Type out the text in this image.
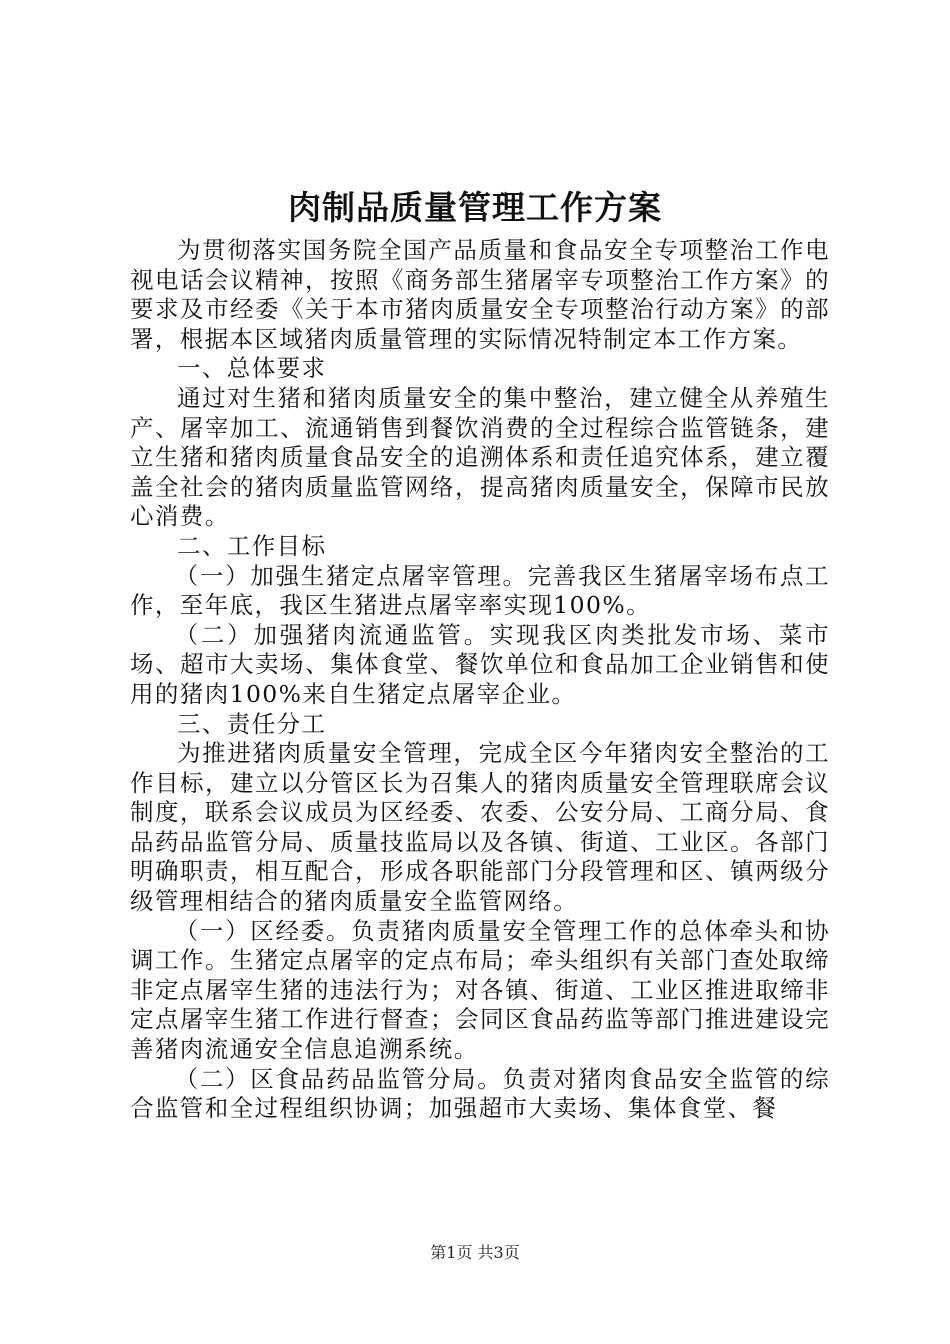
肉制品质量管理工作方案

为贯彻落实国务院全国产品质量和食品安全专项整治工作电视电话会议精神，按照《商务部生猪屠宰专项整治工作方案》的要求及市经委《关于本市猪肉质量安全专项整治行动方案》的部署，根据本区域猪肉质量管理的实际情况特制定本工作方案。

一、总体要求

通过对生猪和猪肉质量安全的集中整治，建立健全从养殖生产、屠宰加工、流通销售到餐饮消费的全过程综合监管链条，建立生猪和猪肉质量食品安全的追溯体系和责任追究体系，建立覆盖全社会的猪肉质量监管网络，提高猪肉质量安全，保障市民放心消费。

二、工作目标

（一）加强生猪定点屠宰管理。完善我区生猪屠宰场布点工作，至年底，我区生猪进点屠宰率实现100%。

（二）加强猪肉流通监管。实现我区肉类批发市场、菜市场、超市大卖场、集体食堂、餐饮单位和食品加工企业销售和使用的猪肉100%来自生猪定点屠宰企业。

三、责任分工

为推进猪肉质量安全管理，完成全区今年猪肉安全整治的工作目标，建立以分管区长为召集人的猪肉质量安全管理联席会议制度，联系会议成员为区经委、农委、公安分局、工商分局、食品药品监管分局、质量技监局以及各镇、街道、工业区。各部门明确职责，相互配合，形成各职能部门分段管理和区、镇两级分级管理相结合的猪肉质量安全监管网络。

（一）区经委。负责猪肉质量安全管理工作的总体牵头和协调工作。生猪定点屠宰的定点布局；牵头组织有关部门查处取缔非定点屠宰生猪的违法行为；对各镇、街道、工业区推进取缔非定点屠宰生猪工作进行督查；会同区食品药监等部门推进建设完善猪肉流通安全信息追溯系统。

（二）区食品药品监管分局。负责对猪肉食品安全监管的综合监管和全过程组织协调；加强超市大卖场、集体食堂、餐

第1页 共3页
